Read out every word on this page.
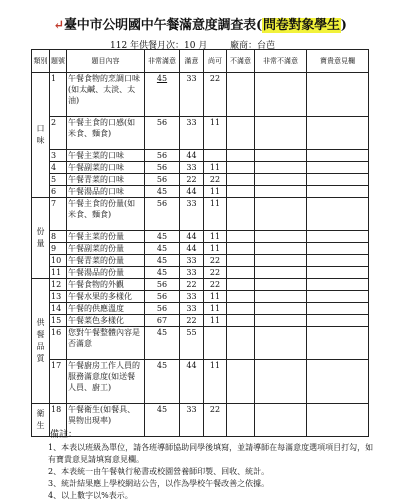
↵臺中市公明國中午餐滿意度調查表(問卷對象學生)
112 年供餐月次：10 月	廠商：台芭
類別	題號	題目內容	非常滿意	滿意	尚可	不滿意	非常不滿意	寶貴意見欄
口味	1	午餐食物的烹調口味(如太鹹、太淡、太油)	45	33	22			
	2	午餐主食的口感(如米食、麵食)	56	33	11			
	3	午餐主菜的口味	56	44				
	4	午餐副菜的口味	56	33	11			
	5	午餐青菜的口味	56	22	22			
	6	午餐湯品的口味	45	44	11			
份量	7	午餐主食的份量(如米食、麵食)	56	33	11			
	8	午餐主菜的份量	45	44	11			
	9	午餐副菜的份量	45	44	11			
	10	午餐青菜的份量	45	33	22			
	11	午餐湯品的份量	45	33	22			
供餐品質	12	午餐食物的外觀	56	22	22			
	13	午餐水果的多樣化	56	33	11			
	14	午餐的供應溫度	56	33	11			
	15	午餐菜色多樣化	67	22	11			
	16	您對午餐整體內容是否滿意	45	55				
	17	午餐廚房工作人員的服務滿意度(如送餐人員、廚工)	45	44	11			
衛生	18	午餐衛生(如餐具、異物出現率)	45	33	22			
備註：
1、本表以班級為單位，請各班導師協助同學後填寫，並請導師在每滿意度選項項目打勾，如有寶貴意見請填寫意見欄。
2、本表統一由午餐執行秘書或校園營養師印製、回收、統計。
3、統計結果應上學校網站公告，以作為學校午餐改善之依據。
4、以上數字以%表示。
